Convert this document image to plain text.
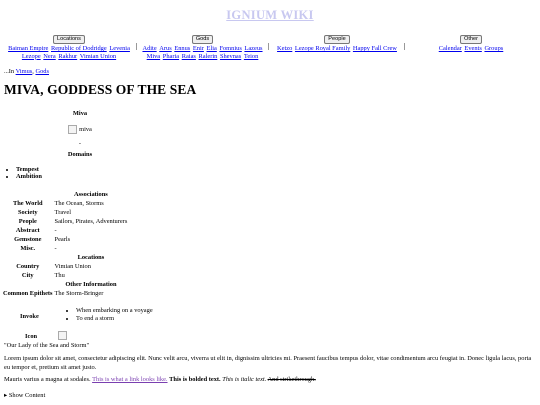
IGNIUM WIKI
Locations
Baiman Empire Republic of Dodridge Levenia
Lezope Nera Rakhur Vimian Union
Gods
Adite Arus Ennus Enir Elia Fomnius Lazeus
Miva Pharia Raias Ralerin Shevnas Teion
People
Ketzo Lezope Royal Family Happy Fall Crew
Other
Calendar Events Groups
...In Vimus, Gods
MIVA, GODDESS OF THE SEA
Miva
miva
-
Domains
• Tempest
• Ambition
	Associations
The World	The Ocean, Storms
Society	Travel
People	Sailors, Pirates, Adventurers
Abstract	-
Gemstone	Pearls
Misc.	-
	Locations
Country	Vimian Union
City	Thu
	Other Information
Common Epithets	The Storm-Bringer
Invoke
• When embarking on a voyage
• To end a storm
Icon
"Our Lady of the Sea and Storm"
Lorem ipsum dolor sit amet, consectetur adipiscing elit. Nunc velit arcu, viverra ut elit in, dignissim ultricies mi. Praesent faucibus tempus dolor, vitae condimentum arcu feugiat in. Donec ligula lacus, porta eu tempor et, pretium sit amet justo.
Mauris varius a magna at sodales. This is what a link looks like. This is bolded text. This is italic text. And strikethrough.
▸ Show Content
